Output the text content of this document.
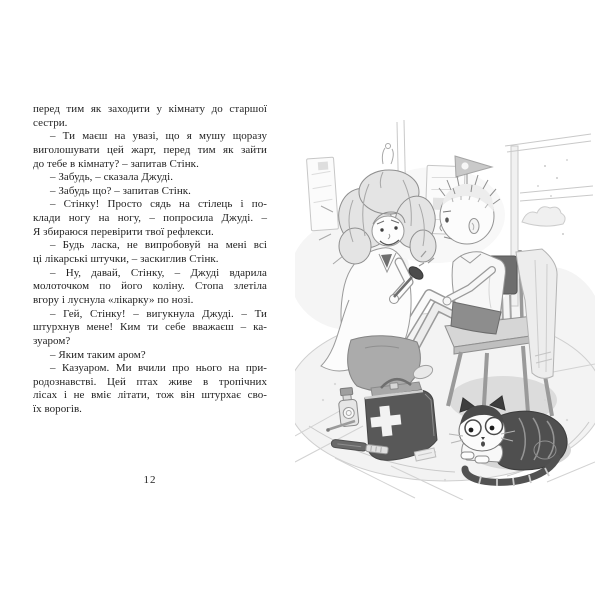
перед тим як заходити у кімнату до старшої
сестри.
– Ти маєш на увазі, що я мушу щоразу
виголошувати цей жарт, перед тим як зайти
до тебе в кімнату? – запитав Стінк.
– Забудь, – сказала Джуді.
– Забудь що? – запитав Стінк.
– Стінку! Просто сядь на стілець і по-
клади ногу на ногу, – попросила Джуді. –
Я збираюся перевірити твої рефлекси.
– Будь ласка, не випробовуй на мені всі
ці лікарські штучки, – заскиглив Стінк.
– Ну, давай, Стінку, – Джуді вдарила
молоточком по його коліну. Стопа злетіла
вгору і луснула «лікарку» по нозі.
– Гей, Стінку! – вигукнула Джуді. – Ти
штурхнув мене! Ким ти себе вважаєш – ка-
зуаром?
– Яким таким аром?
– Казуаром. Ми вчили про нього на при-
родознавстві. Цей птах живе в тропічних
лісах і не вміє літати, тож він штурхає сво-
їх ворогів.
12
